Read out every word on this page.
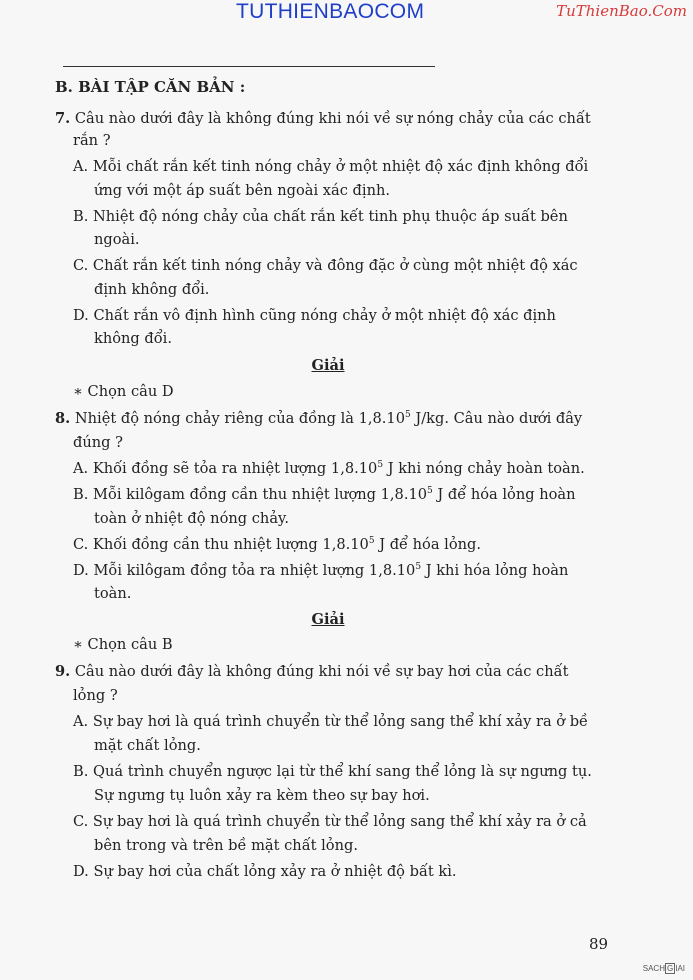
TUTHIENBAOCOM	TuThienBao.Com
B. BÀI TẬP CĂN BẢN :
7. Câu nào dưới đây là không đúng khi nói về sự nóng chảy của các chất
rắn ?
A. Mỗi chất rắn kết tinh nóng chảy ở một nhiệt độ xác định không đổi
ứng với một áp suất bên ngoài xác định.
B. Nhiệt độ nóng chảy của chất rắn kết tinh phụ thuộc áp suất bên
ngoài.
C. Chất rắn kết tinh nóng chảy và đông đặc ở cùng một nhiệt độ xác
định không đổi.
D. Chất rắn vô định hình cũng nóng chảy ở một nhiệt độ xác định
không đổi.
Giải
∗ Chọn câu D
8. Nhiệt độ nóng chảy riêng của đồng là 1,8.10$^5$ J/kg. Câu nào dưới đây
đúng ?
A. Khối đồng sẽ tỏa ra nhiệt lượng 1,8.10$^5$ J khi nóng chảy hoàn toàn.
B. Mỗi kilôgam đồng cần thu nhiệt lượng 1,8.10$^5$ J để hóa lỏng hoàn
toàn ở nhiệt độ nóng chảy.
C. Khối đồng cần thu nhiệt lượng 1,8.10$^5$ J để hóa lỏng.
D. Mỗi kilôgam đồng tỏa ra nhiệt lượng 1,8.10$^5$ J khi hóa lỏng hoàn
toàn.
Giải
∗ Chọn câu B
9. Câu nào dưới đây là không đúng khi nói về sự bay hơi của các chất
lỏng ?
A. Sự bay hơi là quá trình chuyển từ thể lỏng sang thể khí xảy ra ở bề
mặt chất lỏng.
B. Quá trình chuyển ngược lại từ thể khí sang thể lỏng là sự ngưng tụ.
Sự ngưng tụ luôn xảy ra kèm theo sự bay hơi.
C. Sự bay hơi là quá trình chuyển từ thể lỏng sang thể khí xảy ra ở cả
bên trong và trên bề mặt chất lỏng.
D. Sự bay hơi của chất lỏng xảy ra ở nhiệt độ bất kì.
89
SACH G IAI
